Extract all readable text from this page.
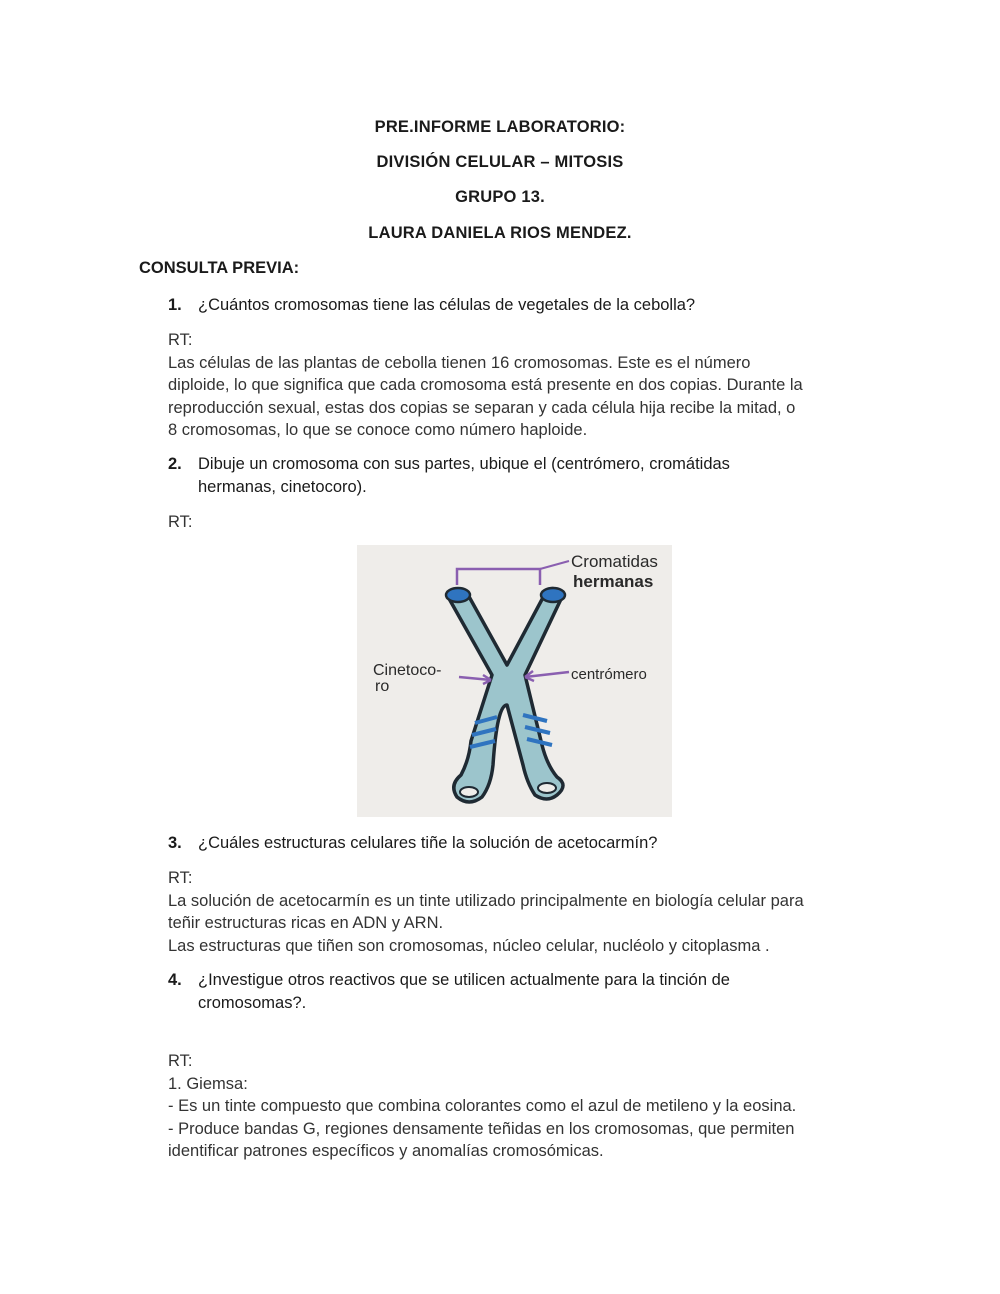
PRE.INFORME LABORATORIO:
DIVISIÓN CELULAR – MITOSIS
GRUPO 13.
LAURA DANIELA RIOS MENDEZ.
CONSULTA PREVIA:
1. ¿Cuántos cromosomas tiene las células de vegetales de la cebolla?
RT:
Las células de las plantas de cebolla tienen 16 cromosomas. Este es el número
diploide, lo que significa que cada cromosoma está presente en dos copias. Durante la
reproducción sexual, estas dos copias se separan y cada célula hija recibe la mitad, o
8 cromosomas, lo que se conoce como número haploide.
2. Dibuje un cromosoma con sus partes, ubique el (centrómero, cromátidas hermanas, cinetocoro).
RT:
Cromatidas
hermanas
Cinetoco-
ro
centrómero
3. ¿Cuáles estructuras celulares tiñe la solución de acetocarmín?
RT:
La solución de acetocarmín es un tinte utilizado principalmente en biología celular para
teñir estructuras ricas en ADN y ARN.
Las estructuras que tiñen son cromosomas, núcleo celular, nucléolo y citoplasma .
4. ¿Investigue otros reactivos que se utilicen actualmente para la tinción de cromosomas?.
RT:
1. Giemsa:
- Es un tinte compuesto que combina colorantes como el azul de metileno y la eosina.
- Produce bandas G, regiones densamente teñidas en los cromosomas, que permiten
identificar patrones específicos y anomalías cromosómicas.
